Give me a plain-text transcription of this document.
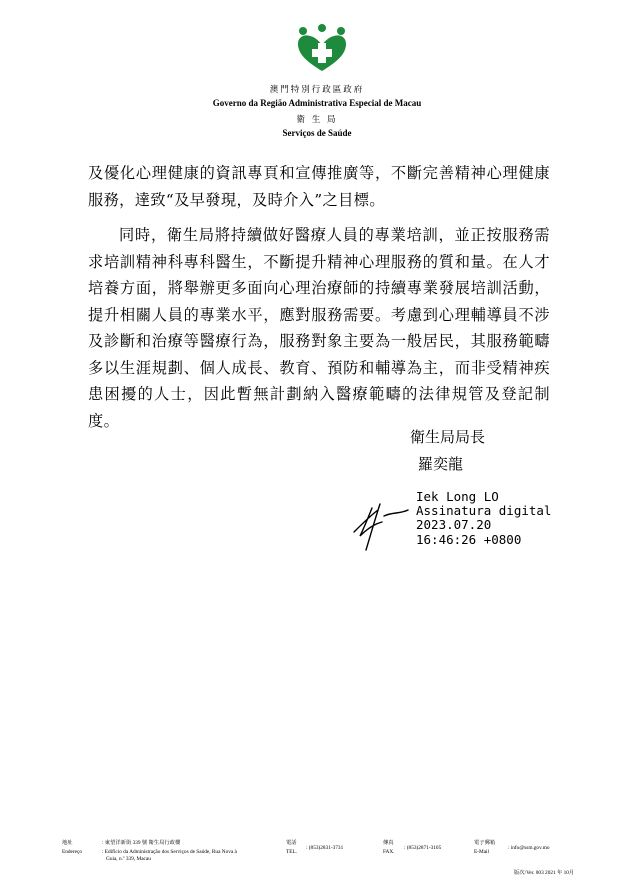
澳門特別行政區政府
Governo da Região Administrativa Especial de Macau
衛 生 局
Serviços de Saúde

及優化心理健康的資訊專頁和宣傳推廣等，不斷完善精神心理健康服務，達致“及早發現，及時介入”之目標。

同時，衛生局將持續做好醫療人員的專業培訓，並正按服務需求培訓精神科專科醫生，不斷提升精神心理服務的質和量。在人才培養方面，將舉辦更多面向心理治療師的持續專業發展培訓活動，提升相關人員的專業水平，應對服務需要。考慮到心理輔導員不涉及診斷和治療等醫療行為，服務對象主要為一般居民，其服務範疇多以生涯規劃、個人成長、教育、預防和輔導為主，而非受精神疾患困擾的人士，因此暫無計劃納入醫療範疇的法律規管及登記制度。

衛生局局長
羅奕龍
Iek Long LO
Assinatura digital
2023.07.20
16:46:26 +0800
地址
Endereço
: 東望洋新街 339 號 衛生局行政樓
: Edifício da Administração dos Serviços de Saúde, Rua Nova à
Guia, n.º 339, Macau
電話
TEL.
: (853)2831-3731
傳真
FAX.
: (853)2871-3105
電子郵箱
E-Mail
: info@ssm.gov.mo
版次/Ver. 003 2021 年 10月
